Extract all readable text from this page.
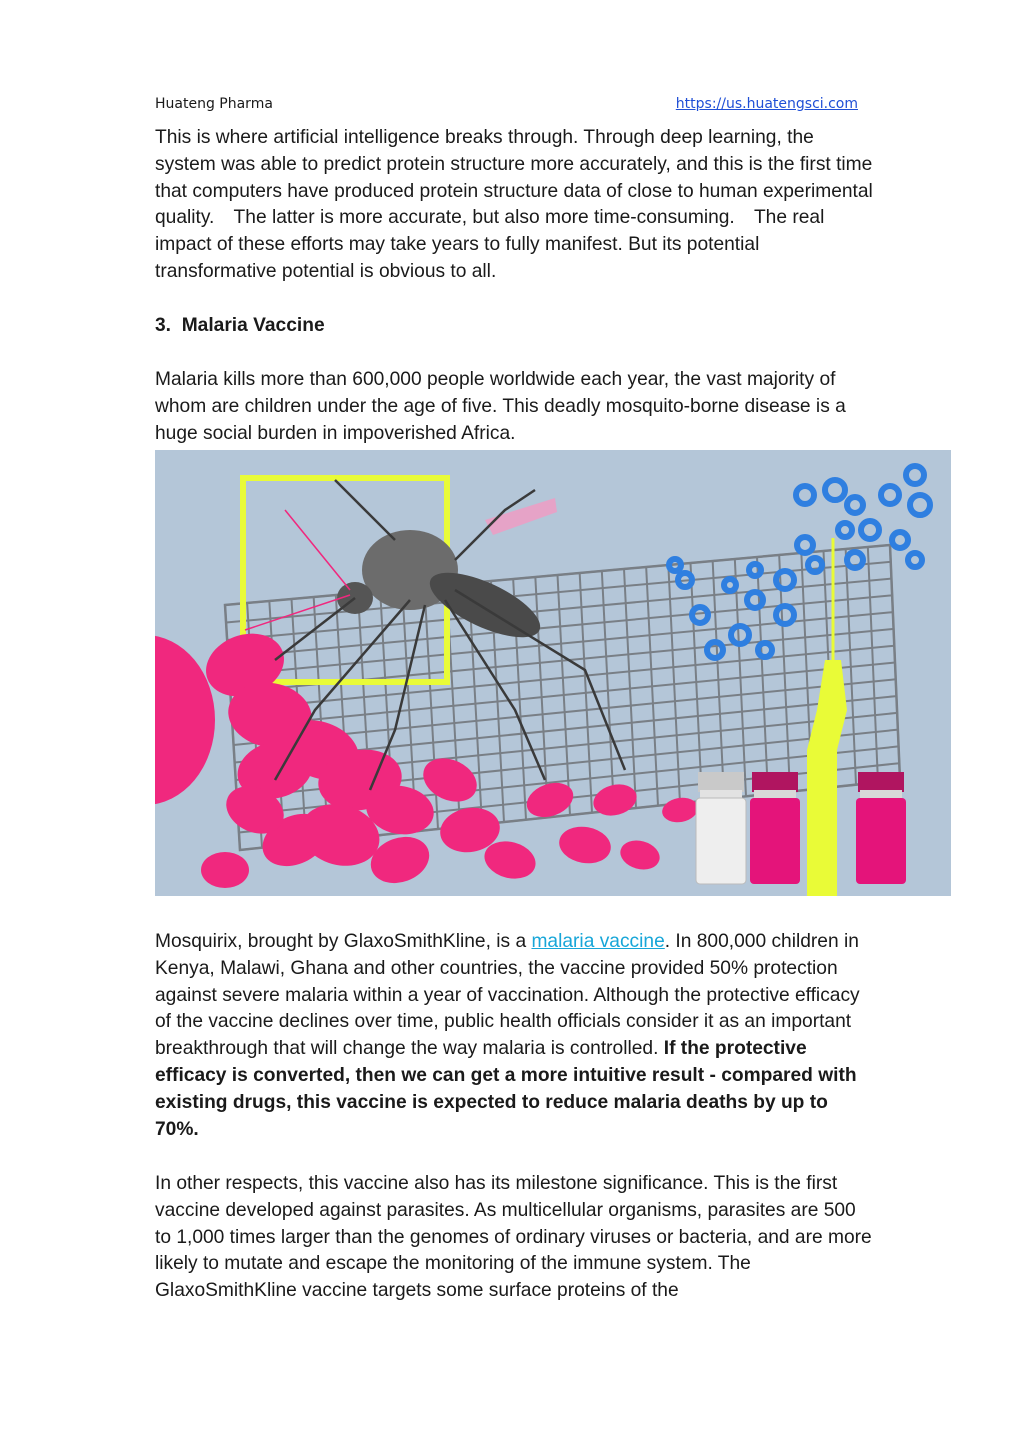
Huateng Pharma	https://us.huatengsci.com

This is where artificial intelligence breaks through. Through deep learning, the system was able to predict protein structure more accurately, and this is the first time that computers have produced protein structure data of close to human experimental quality.　The latter is more accurate, but also more time-consuming.　The real impact of these efforts may take years to fully manifest. But its potential transformative potential is obvious to all.

3. Malaria Vaccine

Malaria kills more than 600,000 people worldwide each year, the vast majority of whom are children under the age of five. This deadly mosquito-borne disease is a huge social burden in impoverished Africa.

Mosquirix, brought by GlaxoSmithKline, is a malaria vaccine. In 800,000 children in Kenya, Malawi, Ghana and other countries, the vaccine provided 50% protection against severe malaria within a year of vaccination. Although the protective efficacy of the vaccine declines over time, public health officials consider it as an important breakthrough that will change the way malaria is controlled. If the protective efficacy is converted, then we can get a more intuitive result - compared with existing drugs, this vaccine is expected to reduce malaria deaths by up to 70%.

In other respects, this vaccine also has its milestone significance. This is the first vaccine developed against parasites. As multicellular organisms, parasites are 500 to 1,000 times larger than the genomes of ordinary viruses or bacteria, and are more likely to mutate and escape the monitoring of the immune system. The GlaxoSmithKline vaccine targets some surface proteins of the
